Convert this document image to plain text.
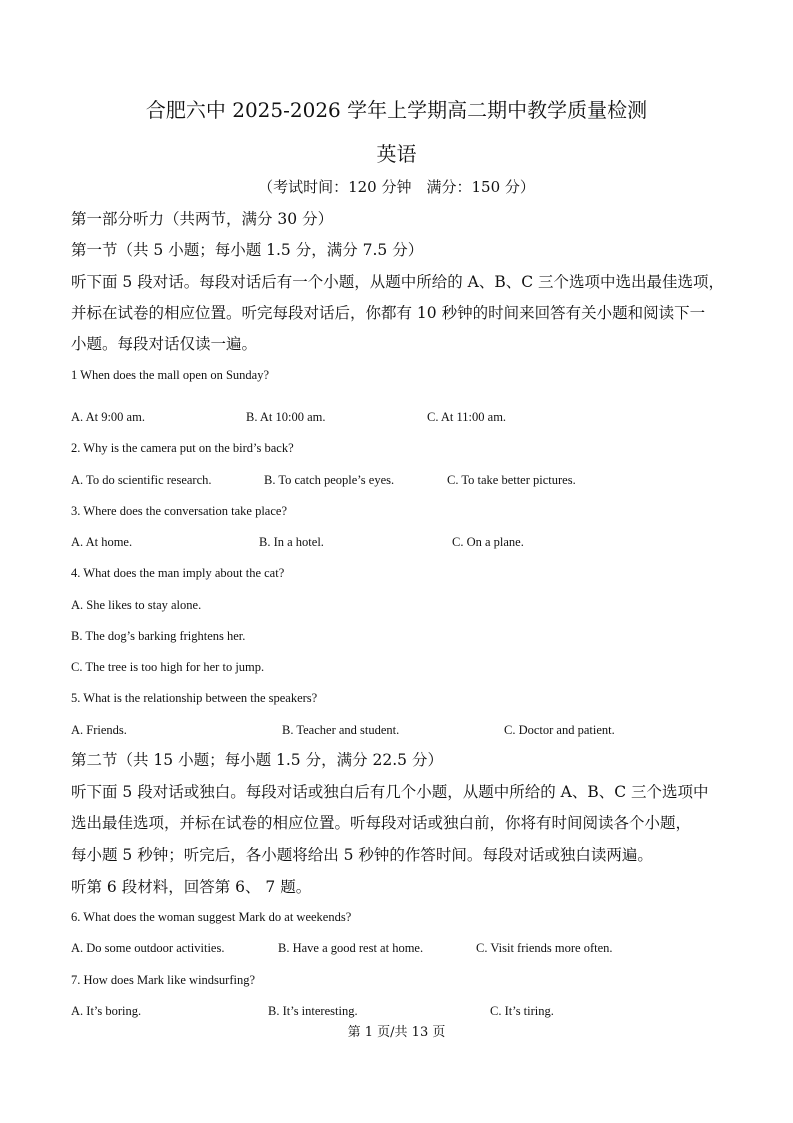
合肥六中 2025-2026 学年上学期高二期中教学质量检测
英语
（考试时间：120 分钟　满分：150 分）
第一部分听力（共两节，满分 30 分）
第一节（共 5 小题；每小题 1.5 分，满分 7.5 分）
听下面 5 段对话。每段对话后有一个小题，从题中所给的 A、B、C 三个选项中选出最佳选项，
并标在试卷的相应位置。听完每段对话后，你都有 10 秒钟的时间来回答有关小题和阅读下一
小题。每段对话仅读一遍。
1 When does the mall open on Sunday?
A. At 9:00 am.	B. At 10:00 am.	C. At 11:00 am.
2. Why is the camera put on the bird’s back?
A. To do scientific research.	B. To catch people’s eyes.	C. To take better pictures.
3. Where does the conversation take place?
A. At home.	B. In a hotel.	C. On a plane.
4. What does the man imply about the cat?
A. She likes to stay alone.
B. The dog’s barking frightens her.
C. The tree is too high for her to jump.
5. What is the relationship between the speakers?
A. Friends.	B. Teacher and student.	C. Doctor and patient.
第二节（共 15 小题；每小题 1.5 分，满分 22.5 分）
听下面 5 段对话或独白。每段对话或独白后有几个小题，从题中所给的 A、B、C 三个选项中
选出最佳选项，并标在试卷的相应位置。听每段对话或独白前，你将有时间阅读各个小题，
每小题 5 秒钟；听完后，各小题将给出 5 秒钟的作答时间。每段对话或独白读两遍。
听第 6 段材料，回答第 6、 7 题。
6. What does the woman suggest Mark do at weekends?
A. Do some outdoor activities.	B. Have a good rest at home.	C. Visit friends more often.
7. How does Mark like windsurfing?
A. It’s boring.	B. It’s interesting.	C. It’s tiring.
第 1 页/共 13 页
